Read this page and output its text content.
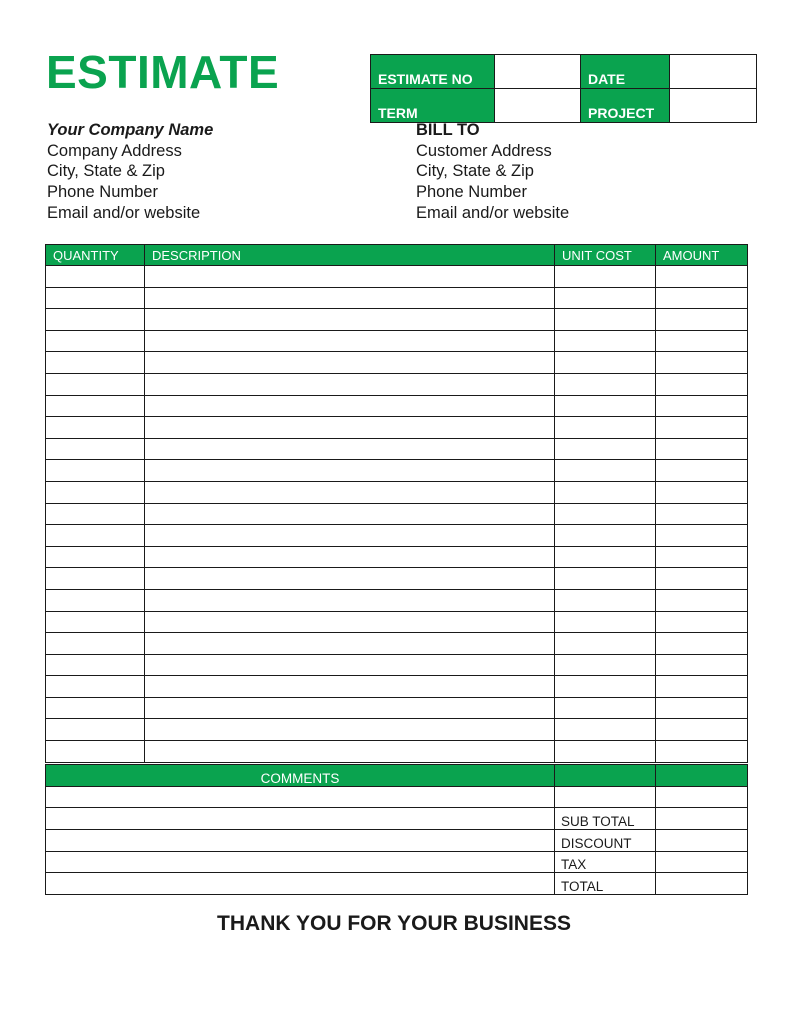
ESTIMATE	ESTIMATE NO		DATE	
TERM		PROJECT	
Your Company Name
Company Address
City, State & Zip
Phone Number
Email and/or website
BILL TO
Customer Address
City, State & Zip
Phone Number
Email and/or website
QUANTITY	DESCRIPTION	UNIT COST	AMOUNT

COMMENTS		

	SUB TOTAL	
	DISCOUNT	
	TAX	
	TOTAL	
THANK YOU FOR YOUR BUSINESS
